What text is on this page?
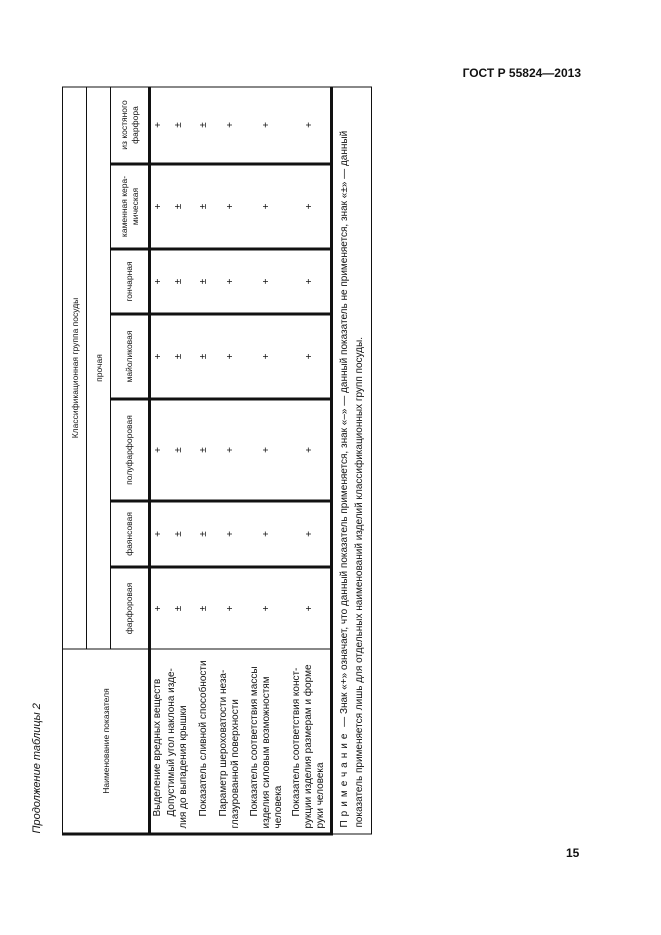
ГОСТ Р 55824—2013
Продолжение таблицы 2	Наименование показателя	Классификационная группа посуды						
	прочая						
	фарфоровая	фаянсовая	полуфарфоровая	майоликовая	гончарная	каменная кера-мическая	из костяного фарфора

Выделение вредных веществ	+	+	+	+	+	+	+

Допустимый угол наклона изде-лия до выпадения крышки	±	±	±	±	±	±	±

Показатель сливной способности	±	±	±	±	±	±	±

Параметр шероховатости неза-глазурованной поверхности	+	+	+	+	+	+	+

Показатель соответствия массы изделия силовым возможностям человека	+	+	+	+	+	+	+

Показатель соответствия конст-рукции изделия размерам и форме руки человека	+	+	+	+	+	+	+
Примечание — Знак «+» означает, что данный показатель применяется, знак «–» — данный показатель не применяется, знак «±» — данный показатель применяется лишь для отдельных наименований изделий классификационных групп посуды.							
15
